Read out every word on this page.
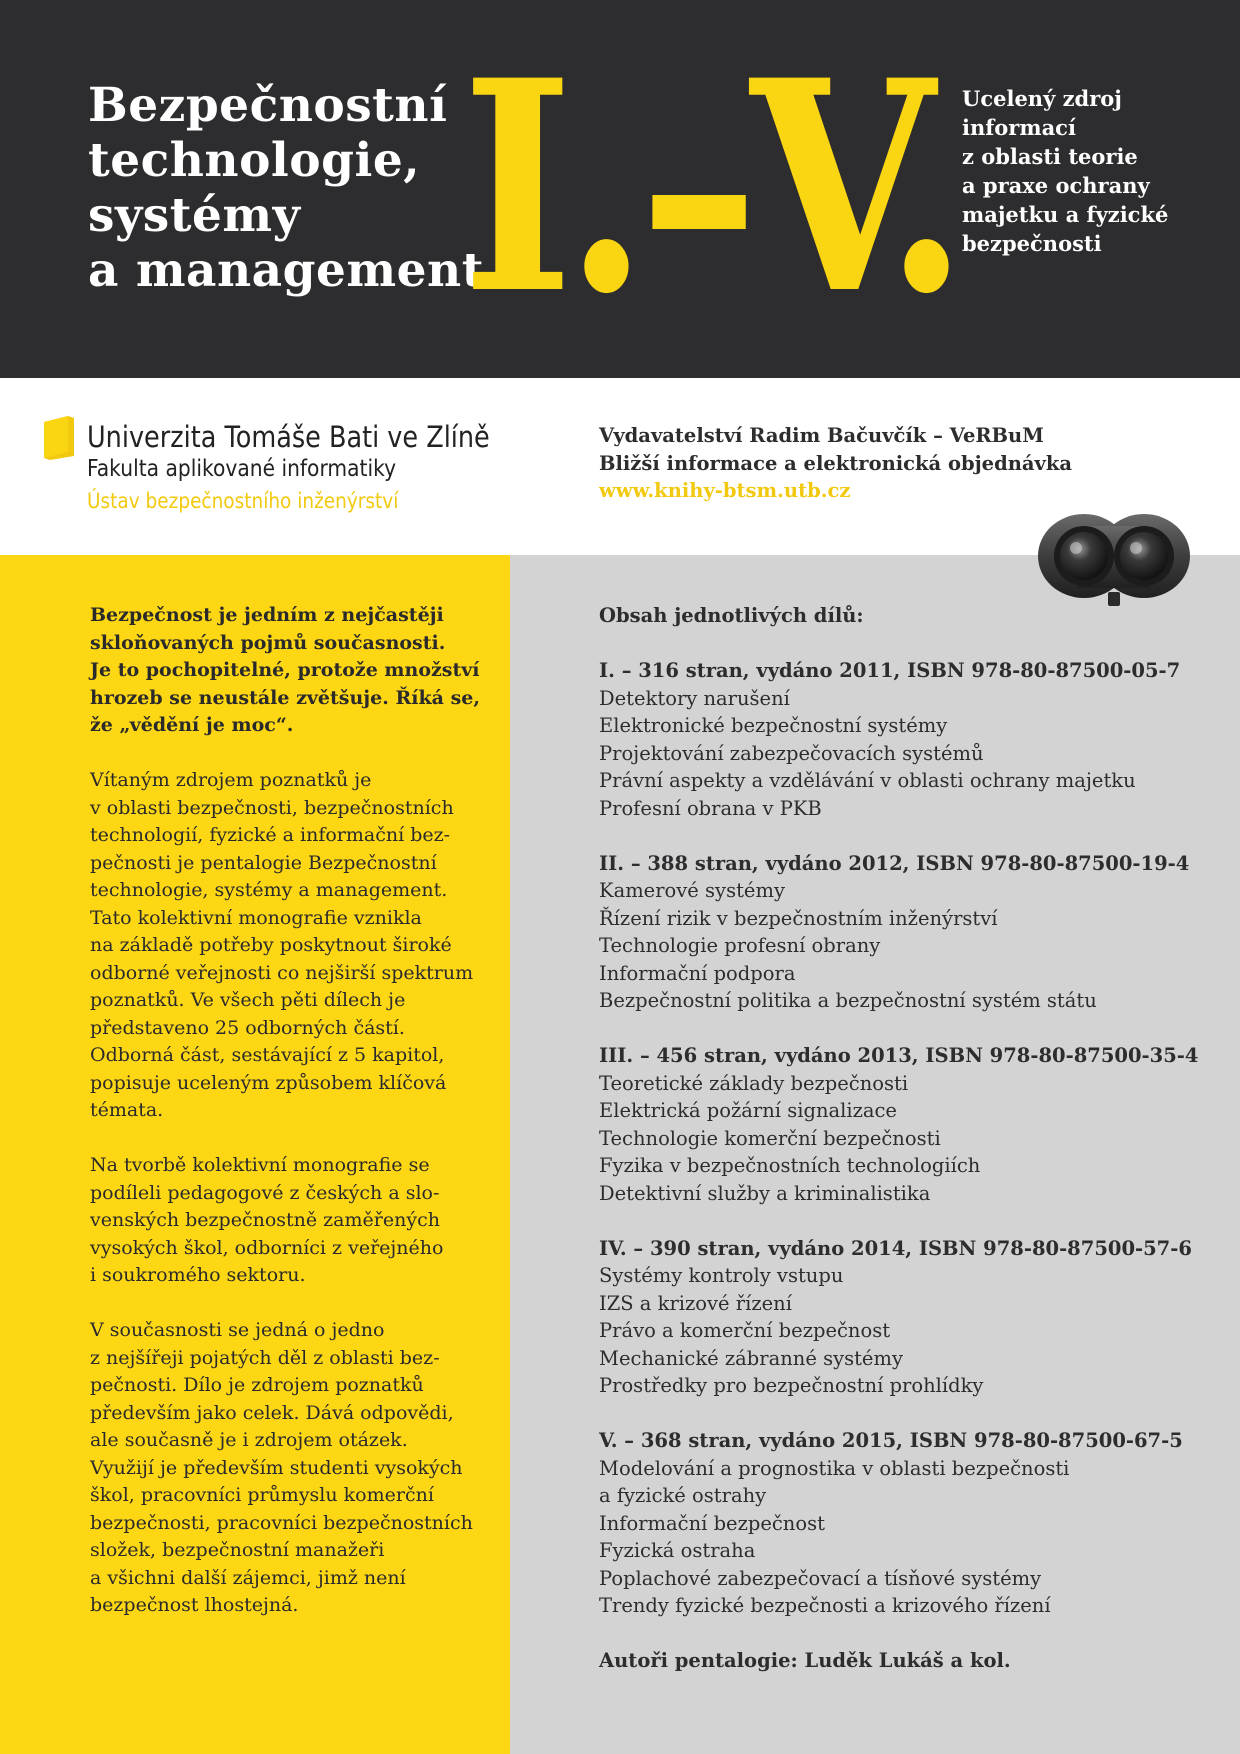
Bezpečnostní
technologie,
systémy
a management
I.–V. Ucelený zdroj
informací
z oblasti teorie
a praxe ochrany
majetku a fyzické
bezpečnosti
Univerzita Tomáše Bati ve Zlíně
Fakulta aplikované informatiky
Ústav bezpečnostního inženýrství
Vydavatelství Radim Bačuvčík – VeRBuM
Bližší informace a elektronická objednávka
www.knihy-btsm.utb.cz

Bezpečnost je jedním z nejčastěji
skloňovaných pojmů současnosti.
Je to pochopitelné, protože množství
hrozeb se neustále zvětšuje. Říká se,
že „vědění je moc“.

Vítaným zdrojem poznatků je
v oblasti bezpečnosti, bezpečnostních
technologií, fyzické a informační bez-
pečnosti je pentalogie Bezpečnostní
technologie, systémy a management.
Tato kolektivní monografie vznikla
na základě potřeby poskytnout široké
odborné veřejnosti co nejširší spektrum
poznatků. Ve všech pěti dílech je
představeno 25 odborných částí.
Odborná část, sestávající z 5 kapitol,
popisuje uceleným způsobem klíčová
témata.

Na tvorbě kolektivní monografie se
podíleli pedagogové z českých a slo-
venských bezpečnostně zaměřených
vysokých škol, odborníci z veřejného
i soukromého sektoru.

V současnosti se jedná o jedno
z nejšířeji pojatých děl z oblasti bez-
pečnosti. Dílo je zdrojem poznatků
především jako celek. Dává odpovědi,
ale současně je i zdrojem otázek.
Využijí je především studenti vysokých
škol, pracovníci průmyslu komerční
bezpečnosti, pracovníci bezpečnostních
složek, bezpečnostní manažeři
a všichni další zájemci, jimž není
bezpečnost lhostejná.

Obsah jednotlivých dílů:
I. – 316 stran, vydáno 2011, ISBN 978-80-87500-05-7
Detektory narušení
Elektronické bezpečnostní systémy
Projektování zabezpečovacích systémů
Právní aspekty a vzdělávání v oblasti ochrany majetku
Profesní obrana v PKB
II. – 388 stran, vydáno 2012, ISBN 978-80-87500-19-4
Kamerové systémy
Řízení rizik v bezpečnostním inženýrství
Technologie profesní obrany
Informační podpora
Bezpečnostní politika a bezpečnostní systém státu
III. – 456 stran, vydáno 2013, ISBN 978-80-87500-35-4
Teoretické základy bezpečnosti
Elektrická požární signalizace
Technologie komerční bezpečnosti
Fyzika v bezpečnostních technologiích
Detektivní služby a kriminalistika
IV. – 390 stran, vydáno 2014, ISBN 978-80-87500-57-6
Systémy kontroly vstupu
IZS a krizové řízení
Právo a komerční bezpečnost
Mechanické zábranné systémy
Prostředky pro bezpečnostní prohlídky
V. – 368 stran, vydáno 2015, ISBN 978-80-87500-67-5
Modelování a prognostika v oblasti bezpečnosti
a fyzické ostrahy
Informační bezpečnost
Fyzická ostraha
Poplachové zabezpečovací a tísňové systémy
Trendy fyzické bezpečnosti a krizového řízení
Autoři pentalogie: Luděk Lukáš a kol.
